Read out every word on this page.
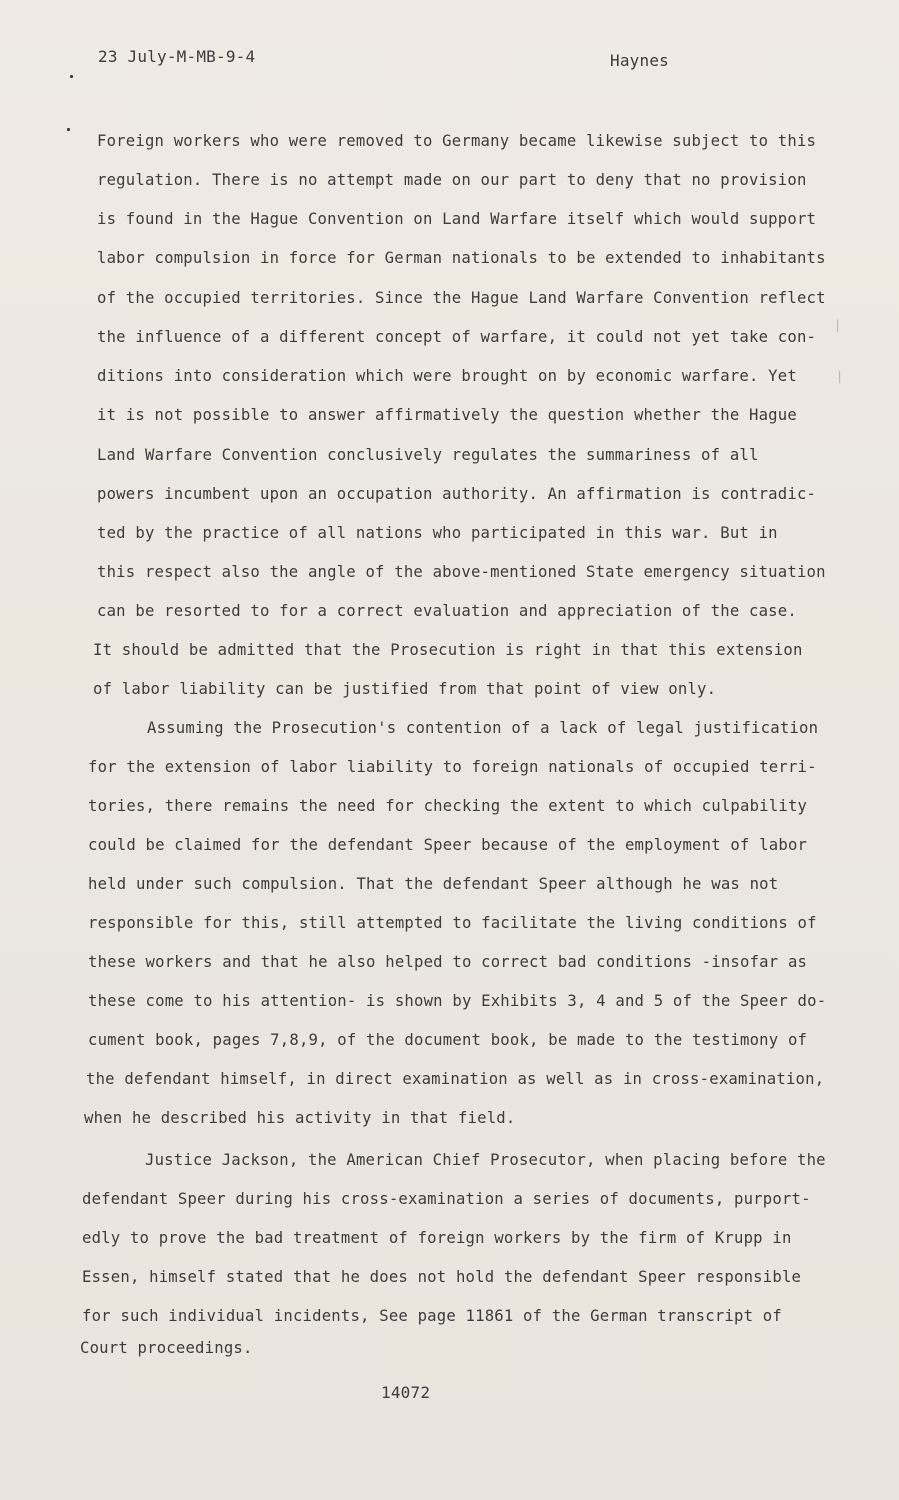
23 July-M-MB-9-4	Haynes
Foreign workers who were removed to Germany became likewise subject to this
regulation. There is no attempt made on our part to deny that no provision
is found in the Hague Convention on Land Warfare itself which would support
labor compulsion in force for German nationals to be extended to inhabitants
of the occupied territories. Since the Hague Land Warfare Convention reflect
the influence of a different concept of warfare, it could not yet take con-
ditions into consideration which were brought on by economic warfare. Yet
it is not possible to answer affirmatively the question whether the Hague
Land Warfare Convention conclusively regulates the summariness of all
powers incumbent upon an occupation authority. An affirmation is contradic-
ted by the practice of all nations who participated in this war. But in
this respect also the angle of the above-mentioned State emergency situation
can be resorted to for a correct evaluation and appreciation of the case.
It should be admitted that the Prosecution is right in that this extension
of labor liability can be justified from that point of view only.
Assuming the Prosecution's contention of a lack of legal justification
for the extension of labor liability to foreign nationals of occupied terri-
tories, there remains the need for checking the extent to which culpability
could be claimed for the defendant Speer because of the employment of labor
held under such compulsion. That the defendant Speer although he was not
responsible for this, still attempted to facilitate the living conditions of
these workers and that he also helped to correct bad conditions -insofar as
these come to his attention- is shown by Exhibits 3, 4 and 5 of the Speer do-
cument book, pages 7,8,9, of the document book, be made to the testimony of
the defendant himself, in direct examination as well as in cross-examination,
when he described his activity in that field.
Justice Jackson, the American Chief Prosecutor, when placing before the
defendant Speer during his cross-examination a series of documents, purport-
edly to prove the bad treatment of foreign workers by the firm of Krupp in
Essen, himself stated that he does not hold the defendant Speer responsible
for such individual incidents, See page 11861 of the German transcript of
Court proceedings.
|
|
14072
